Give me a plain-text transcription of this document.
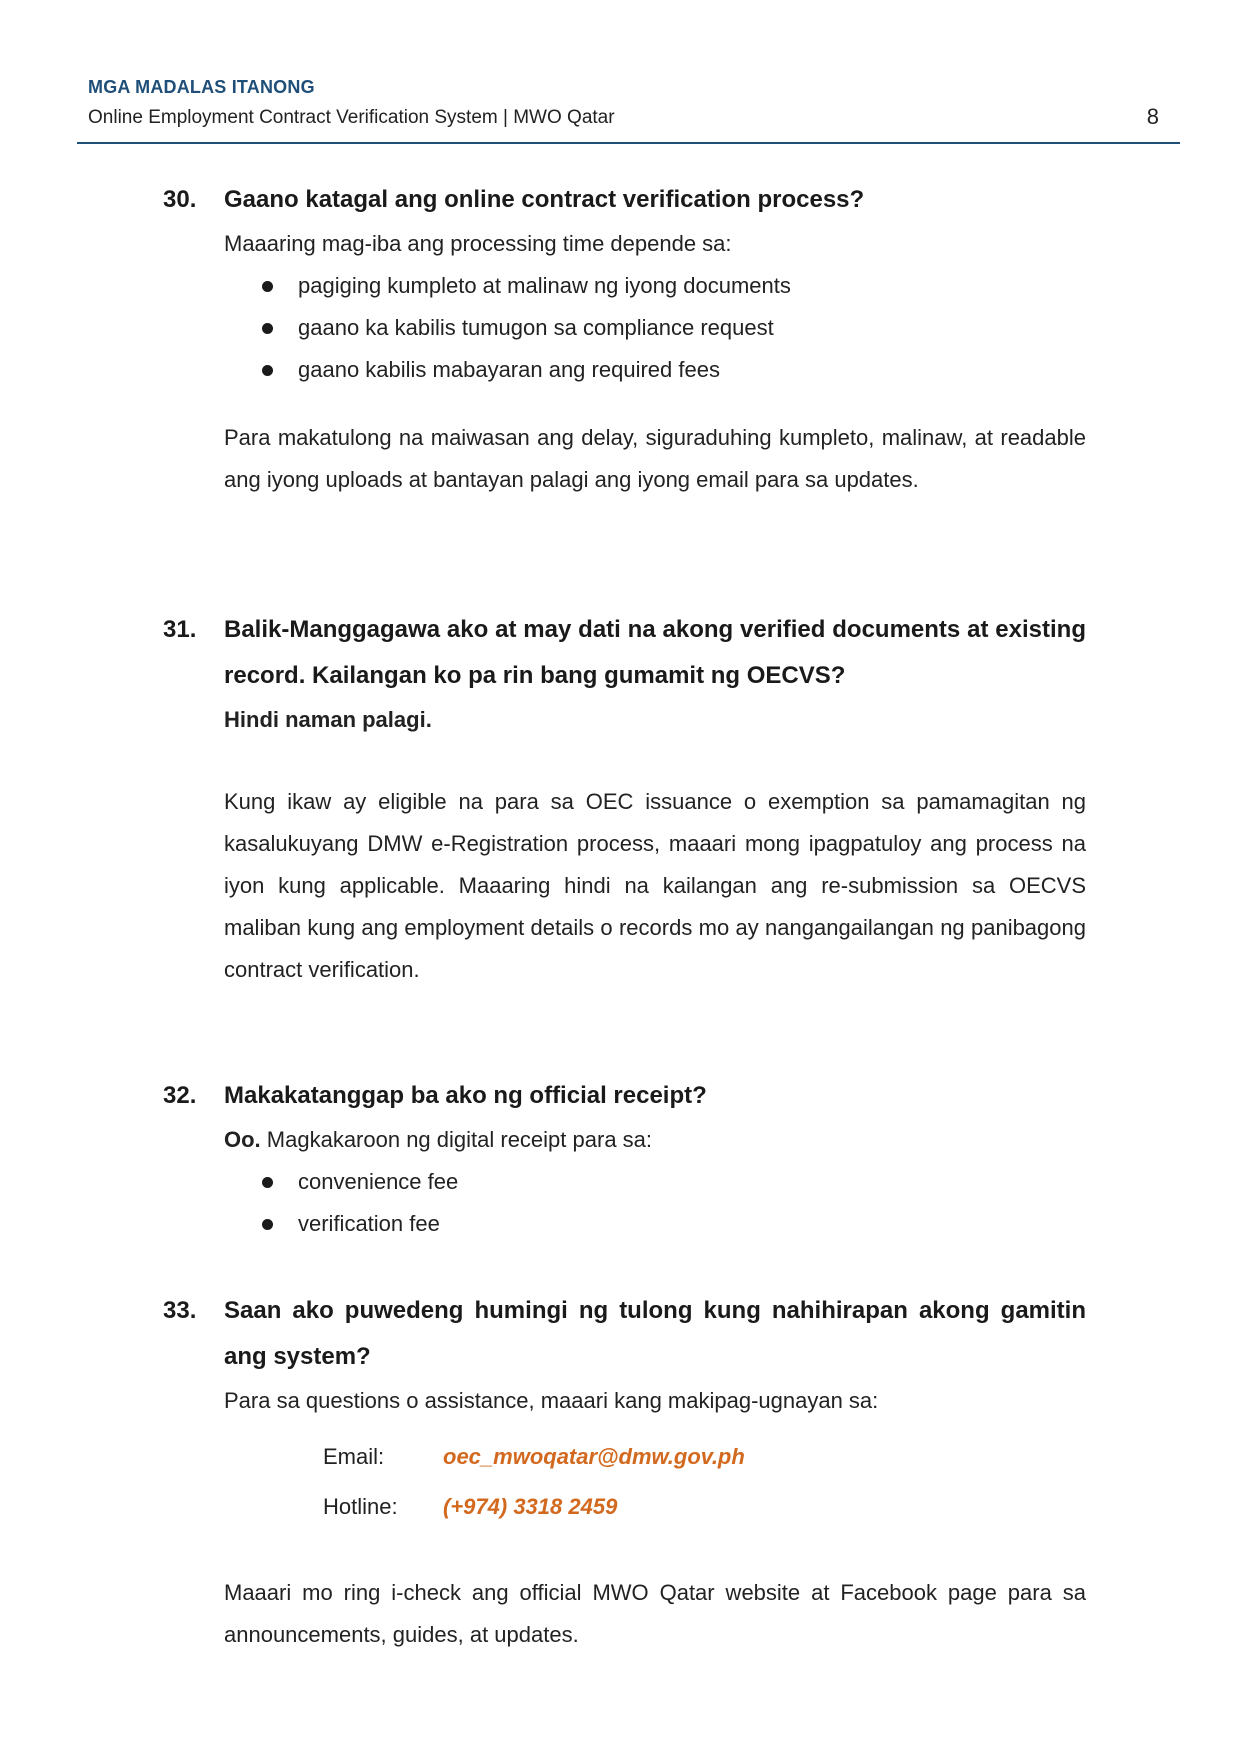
MGA MADALAS ITANONG
Online Employment Contract Verification System | MWO Qatar	8
30. Gaano katagal ang online contract verification process?

Maaaring mag-iba ang processing time depende sa:

pagiging kumpleto at malinaw ng iyong documents
gaano ka kabilis tumugon sa compliance request
gaano kabilis mabayaran ang required fees

Para makatulong na maiwasan ang delay, siguraduhing kumpleto, malinaw, at readable ang iyong uploads at bantayan palagi ang iyong email para sa updates.

31. Balik-Manggagawa ako at may dati na akong verified documents at existing record. Kailangan ko pa rin bang gumamit ng OECVS?
Hindi naman palagi.

Kung ikaw ay eligible na para sa OEC issuance o exemption sa pamamagitan ng kasalukuyang DMW e-Registration process, maaari mong ipagpatuloy ang process na iyon kung applicable. Maaaring hindi na kailangan ang re-submission sa OECVS maliban kung ang employment details o records mo ay nangangailangan ng panibagong contract verification.

32. Makakatanggap ba ako ng official receipt?

Oo. Magkakaroon ng digital receipt para sa:

convenience fee
verification fee
33. Saan ako puwedeng humingi ng tulong kung nahihirapan akong gamitin ang system?

Para sa questions o assistance, maaari kang makipag-ugnayan sa:

Email:	oec_mwoqatar@dmw.gov.ph
Hotline: (+974) 3318 2459

Maaari mo ring i-check ang official MWO Qatar website at Facebook page para sa announcements, guides, at updates.
